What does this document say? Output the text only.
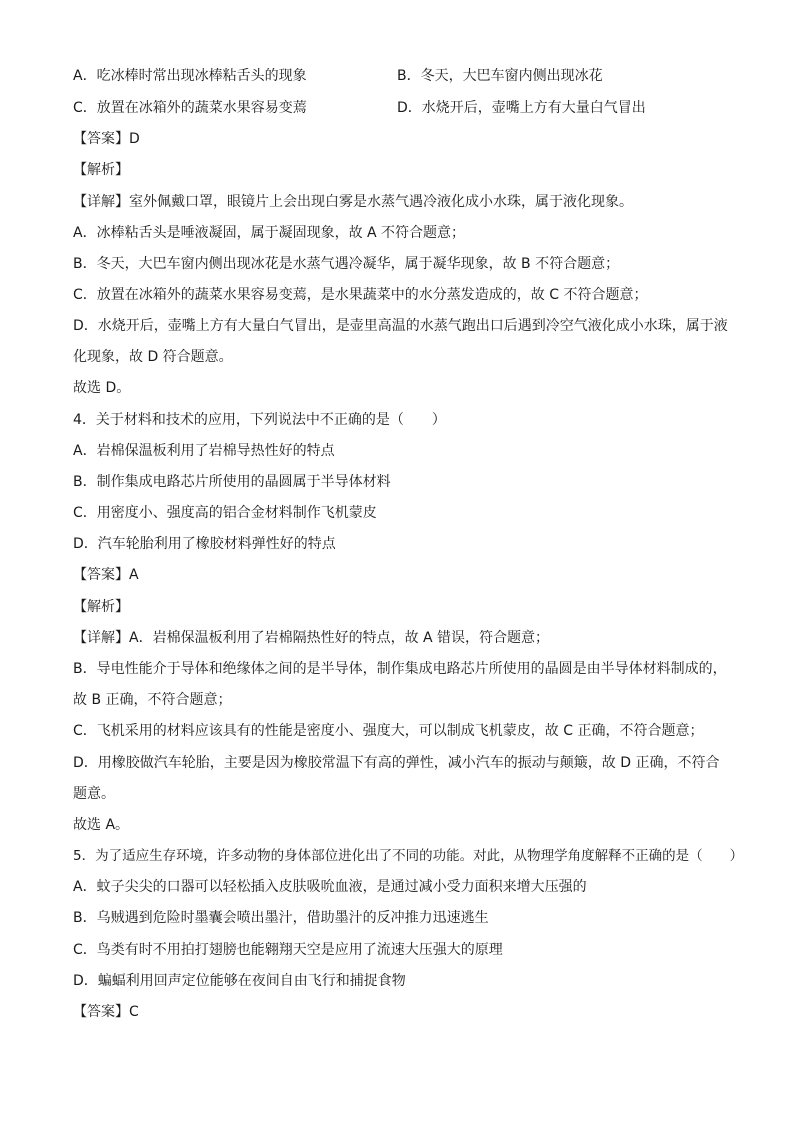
A．吃冰棒时常出现冰棒粘舌头的现象	B．冬天，大巴车窗内侧出现冰花
C．放置在冰箱外的蔬菜水果容易变蔫	D．水烧开后，壶嘴上方有大量白气冒出
【答案】D
【解析】
【详解】室外佩戴口罩，眼镜片上会出现白雾是水蒸气遇冷液化成小水珠，属于液化现象。
A．冰棒粘舌头是唾液凝固，属于凝固现象，故 A 不符合题意；
B．冬天，大巴车窗内侧出现冰花是水蒸气遇冷凝华，属于凝华现象，故 B 不符合题意；
C．放置在冰箱外的蔬菜水果容易变蔫，是水果蔬菜中的水分蒸发造成的，故 C 不符合题意；
D．水烧开后，壶嘴上方有大量白气冒出，是壶里高温的水蒸气跑出口后遇到冷空气液化成小水珠，属于液
化现象，故 D 符合题意。
故选 D。
4．关于材料和技术的应用，下列说法中不正确的是（　　）
A．岩棉保温板利用了岩棉导热性好的特点
B．制作集成电路芯片所使用的晶圆属于半导体材料
C．用密度小、强度高的铝合金材料制作飞机蒙皮
D．汽车轮胎利用了橡胶材料弹性好的特点
【答案】A
【解析】
【详解】A．岩棉保温板利用了岩棉隔热性好的特点，故 A 错误，符合题意；
B．导电性能介于导体和绝缘体之间的是半导体，制作集成电路芯片所使用的晶圆是由半导体材料制成的，
故 B 正确，不符合题意；
C．飞机采用的材料应该具有的性能是密度小、强度大，可以制成飞机蒙皮，故 C 正确，不符合题意；
D．用橡胶做汽车轮胎，主要是因为橡胶常温下有高的弹性，减小汽车的振动与颠簸，故 D 正确，不符合
题意。
故选 A。
5．为了适应生存环境，许多动物的身体部位进化出了不同的功能。对此，从物理学角度解释不正确的是（　　）
A．蚊子尖尖的口器可以轻松插入皮肤吸吮血液，是通过减小受力面积来增大压强的
B．乌贼遇到危险时墨囊会喷出墨汁，借助墨汁的反冲推力迅速逃生
C．鸟类有时不用拍打翅膀也能翱翔天空是应用了流速大压强大的原理
D．蝙蝠利用回声定位能够在夜间自由飞行和捕捉食物
【答案】C
